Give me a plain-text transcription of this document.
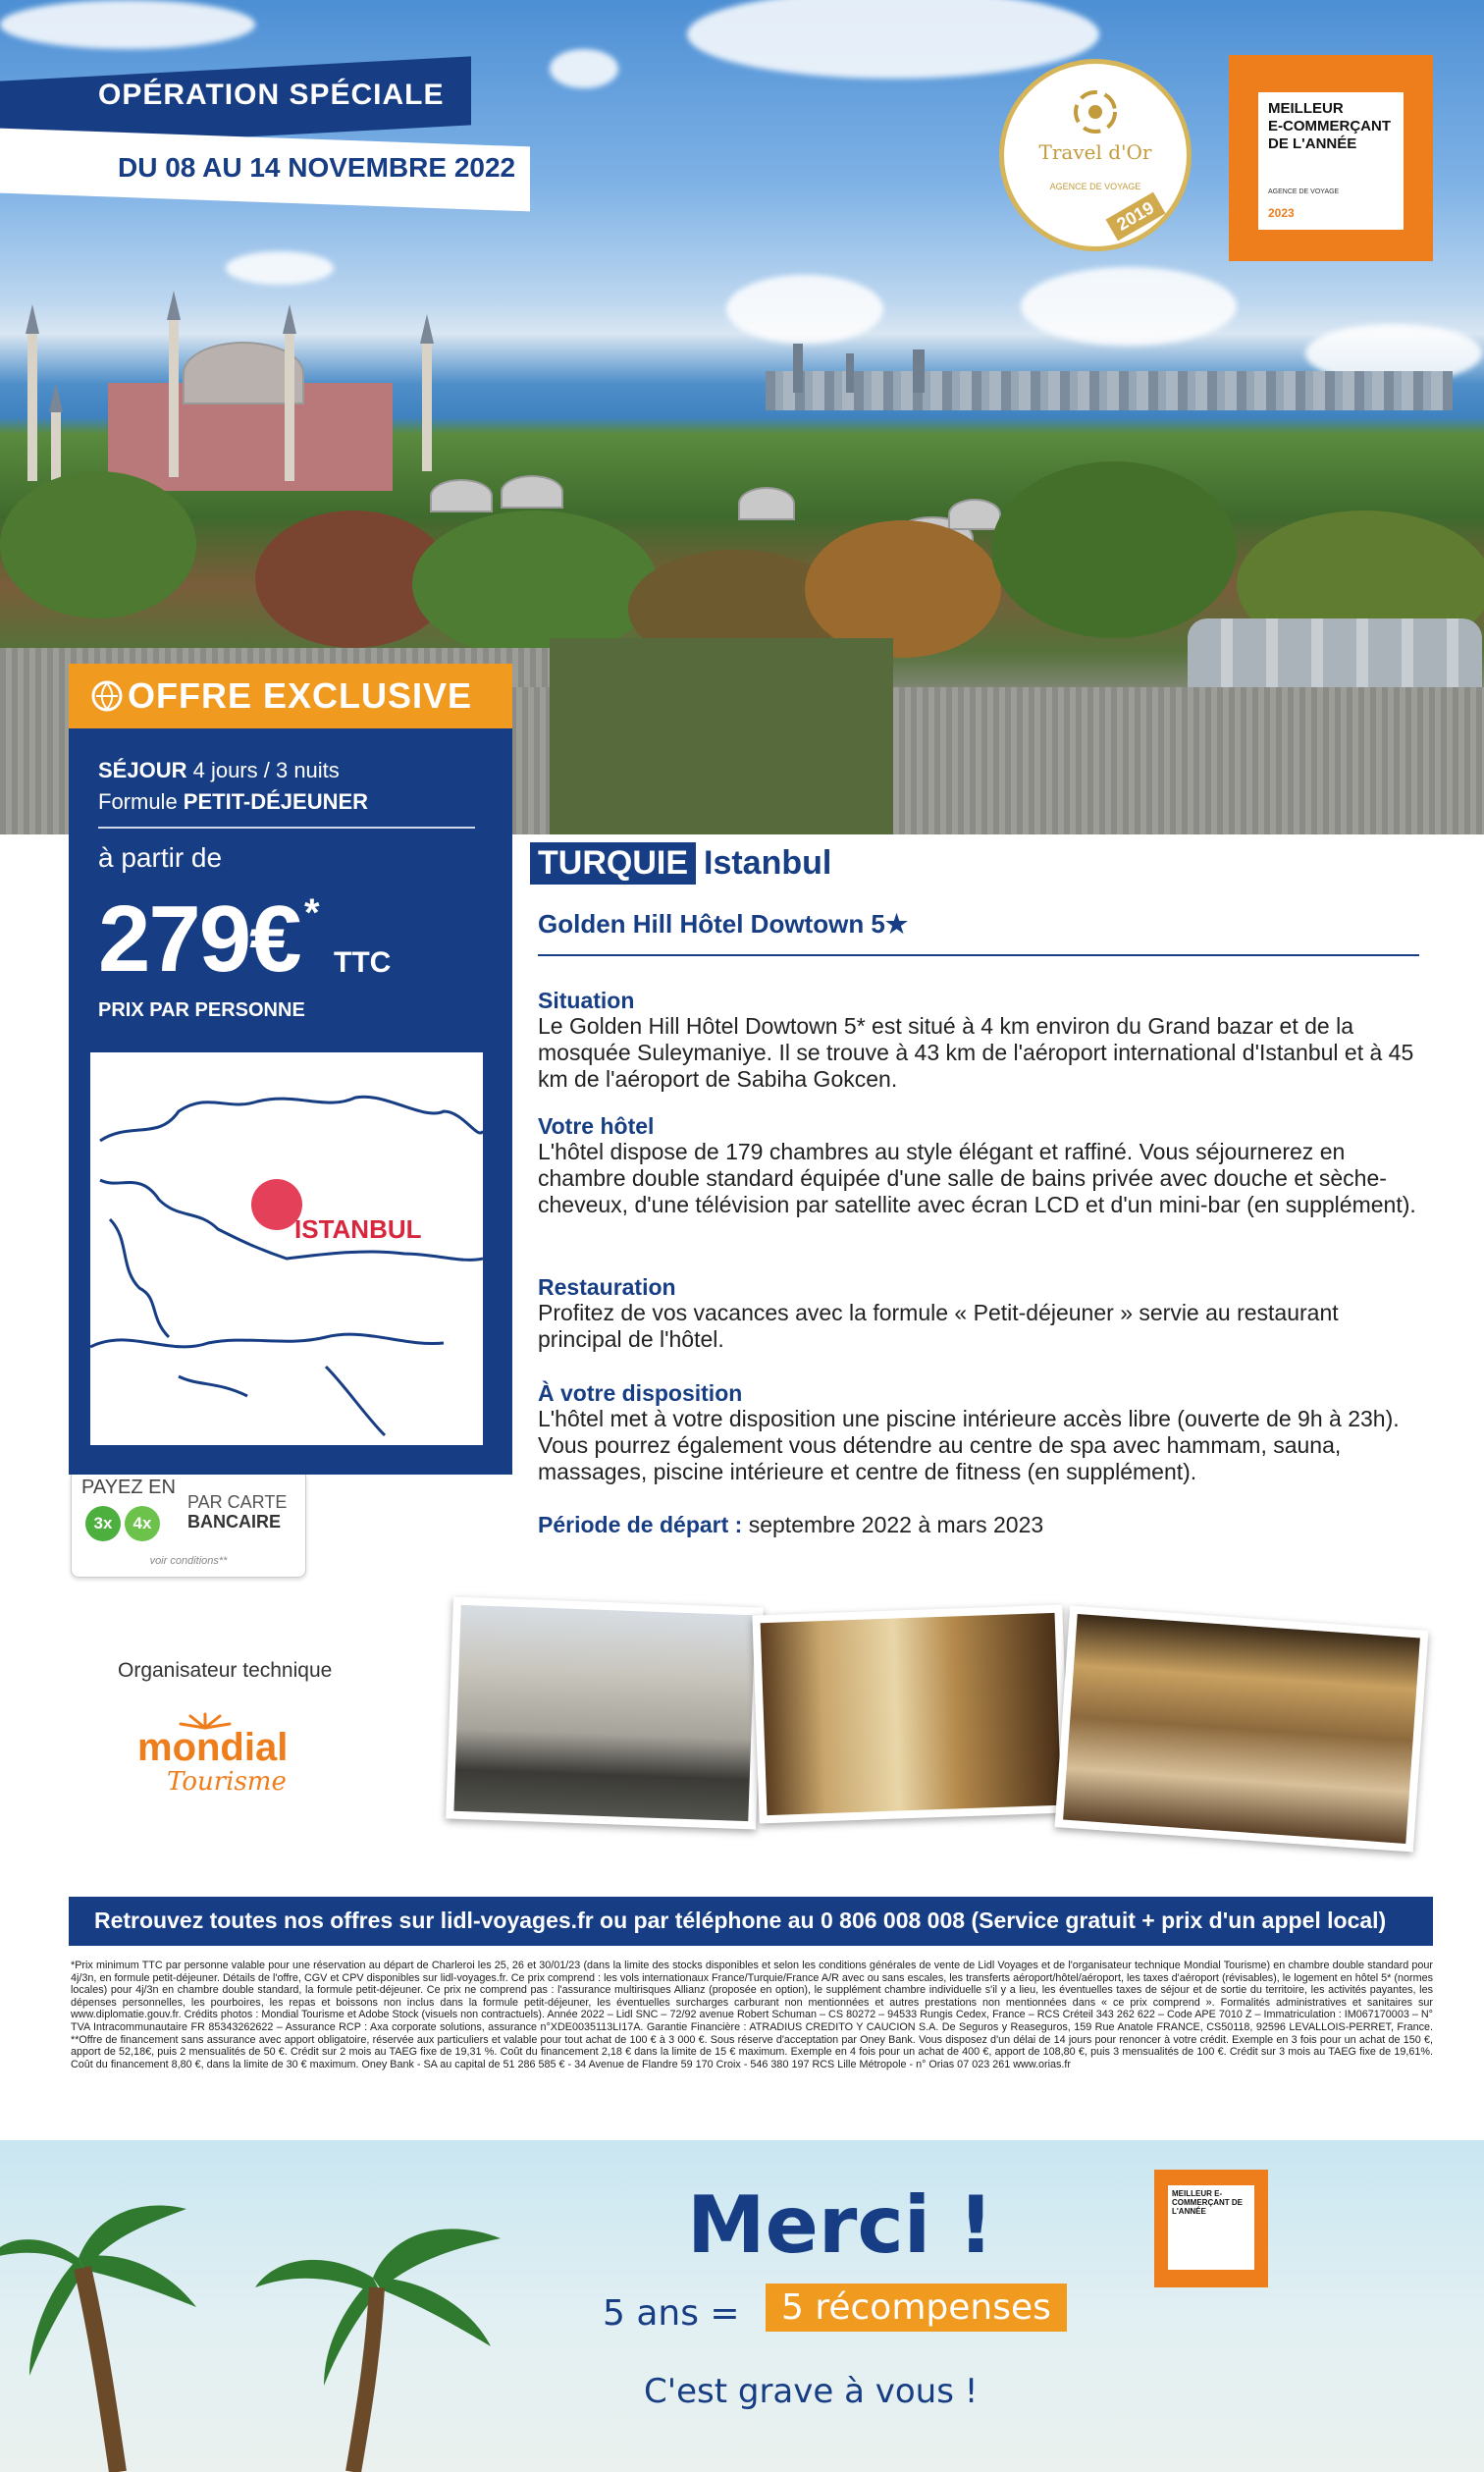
OPÉRATION SPÉCIALE
DU 08 AU 14 NOVEMBRE 2022	Travel d'Or
AGENCE DE VOYAGE
2019
MEILLEUR
E-COMMERÇANT
DE L'ANNÉE
AGENCE DE VOYAGE
2023
OFFRE EXCLUSIVE
SÉJOUR 4 jours / 3 nuits
Formule PETIT-DÉJEUNER
à partir de
279€ *
TTC
PRIX PAR PERSONNE
ISTANBUL
PAYEZ EN
3x	4x
PAR CARTE
BANCAIRE
voir conditions**
TURQUIE Istanbul
Golden Hill Hôtel Dowtown 5★
Situation
Le Golden Hill Hôtel Dowtown 5* est situé à 4 km environ du Grand bazar et de la mosquée Suleymaniye. Il se trouve à 43 km de l'aéroport international d'Istanbul et à 45 km de l'aéroport de Sabiha Gokcen.
Votre hôtel
L'hôtel dispose de 179 chambres au style élégant et raffiné. Vous séjournerez en chambre double standard équipée d'une salle de bains privée avec douche et sèche-cheveux, d'une télévision par satellite avec écran LCD et d'un mini-bar (en supplément).
Restauration
Profitez de vos vacances avec la formule « Petit-déjeuner » servie au restaurant principal de l'hôtel.
À votre disposition
L'hôtel met à votre disposition une piscine intérieure accès libre (ouverte de 9h à 23h). Vous pourrez également vous détendre au centre de spa avec hammam, sauna, massages, piscine intérieure et centre de fitness (en supplément).
Période de départ : septembre 2022 à mars 2023
Organisateur technique
mondial
Tourisme
Retrouvez toutes nos offres sur lidl-voyages.fr ou par téléphone au 0 806 008 008 (Service gratuit + prix d'un appel local)
*Prix minimum TTC par personne valable pour une réservation au départ de Charleroi les 25, 26 et 30/01/23 (dans la limite des stocks disponibles et selon les conditions générales de vente de Lidl Voyages et de l'organisateur technique Mondial Tourisme) en chambre double standard pour 4j/3n, en formule petit-déjeuner. Détails de l'offre, CGV et CPV disponibles sur lidl-voyages.fr. Ce prix comprend : les vols internationaux France/Turquie/France A/R avec ou sans escales, les transferts aéroport/hôtel/aéroport, les taxes d'aéroport (révisables), le logement en hôtel 5* (normes locales) pour 4j/3n en chambre double standard, la formule petit-déjeuner. Ce prix ne comprend pas : l'assurance multirisques Allianz (proposée en option), le supplément chambre individuelle s'il y a lieu, les éventuelles taxes de séjour et de sortie du territoire, les activités payantes, les dépenses personnelles, les pourboires, les repas et boissons non inclus dans la formule petit-déjeuner, les éventuelles surcharges carburant non mentionnées et autres prestations non mentionnées dans « ce prix comprend ». Formalités administratives et sanitaires sur www.diplomatie.gouv.fr. Crédits photos : Mondial Tourisme et Adobe Stock (visuels non contractuels). Année 2022 – Lidl SNC – 72/92 avenue Robert Schuman – CS 80272 – 94533 Rungis Cedex, France – RCS Créteil 343 262 622 – Code APE 7010 Z – Immatriculation : IM067170003 – N° TVA Intracommunautaire FR 85343262622 – Assurance RCP : Axa corporate solutions, assurance n°XDE0035113LI17A. Garantie Financière : ATRADIUS CREDITO Y CAUCION S.A. De Seguros y Reaseguros, 159 Rue Anatole FRANCE, CS50118, 92596 LEVALLOIS-PERRET, France. **Offre de financement sans assurance avec apport obligatoire, réservée aux particuliers et valable pour tout achat de 100 € à 3 000 €. Sous réserve d'acceptation par Oney Bank. Vous disposez d'un délai de 14 jours pour renoncer à votre crédit. Exemple en 3 fois pour un achat de 150 €, apport de 52,18€, puis 2 mensualités de 50 €. Crédit sur 2 mois au TAEG fixe de 19,31 %. Coût du financement 2,18 € dans la limite de 15 € maximum. Exemple en 4 fois pour un achat de 400 €, apport de 108,80 €, puis 3 mensualités de 100 €. Crédit sur 3 mois au TAEG fixe de 19,61%. Coût du financement 8,80 €, dans la limite de 30 € maximum. Oney Bank - SA au capital de 51 286 585 € - 34 Avenue de Flandre 59 170 Croix - 546 380 197 RCS Lille Métropole - n° Orias 07 023 261 www.orias.fr
Merci !
5 ans =	5 récompenses
C'est grave à vous !
MEILLEUR E-COMMERÇANT DE L'ANNÉE
